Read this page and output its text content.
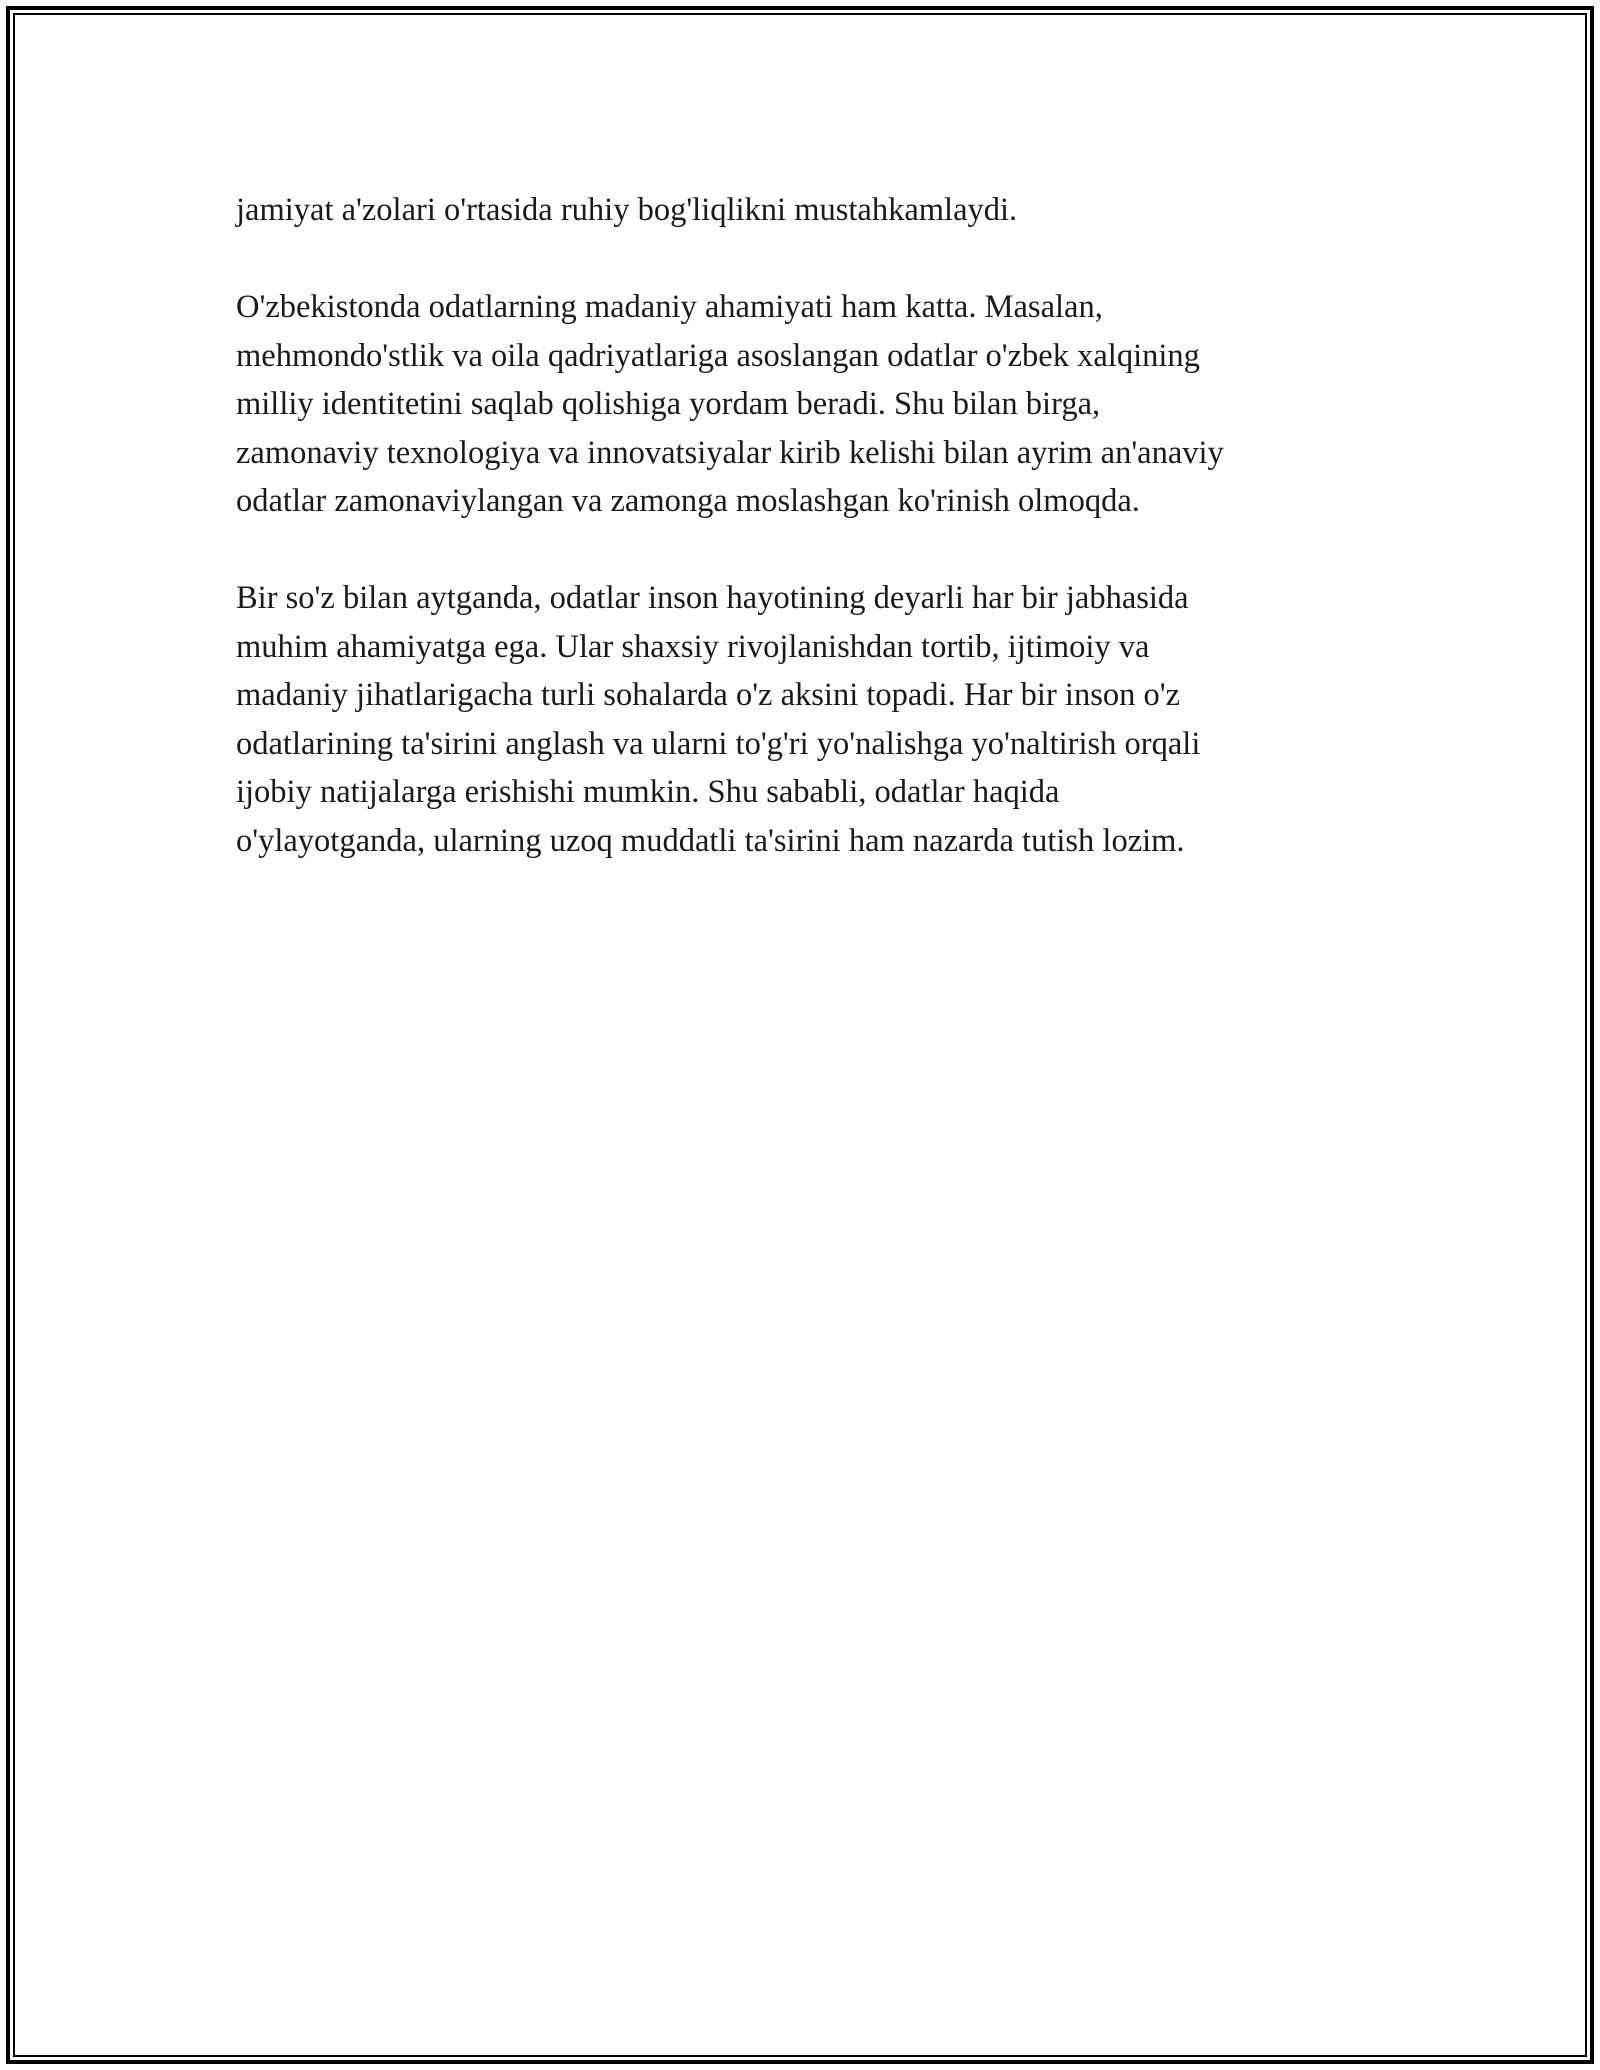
jamiyat a'zolari o'rtasida ruhiy bog'liqlikni mustahkamlaydi.

O'zbekistonda odatlarning madaniy ahamiyati ham katta. Masalan,
mehmondo'stlik va oila qadriyatlariga asoslangan odatlar o'zbek xalqining
milliy identitetini saqlab qolishiga yordam beradi. Shu bilan birga,
zamonaviy texnologiya va innovatsiyalar kirib kelishi bilan ayrim an'anaviy
odatlar zamonaviylangan va zamonga moslashgan ko'rinish olmoqda.

Bir so'z bilan aytganda, odatlar inson hayotining deyarli har bir jabhasida
muhim ahamiyatga ega. Ular shaxsiy rivojlanishdan tortib, ijtimoiy va
madaniy jihatlarigacha turli sohalarda o'z aksini topadi. Har bir inson o'z
odatlarining ta'sirini anglash va ularni to'g'ri yo'nalishga yo'naltirish orqali
ijobiy natijalarga erishishi mumkin. Shu sababli, odatlar haqida
o'ylayotganda, ularning uzoq muddatli ta'sirini ham nazarda tutish lozim.
